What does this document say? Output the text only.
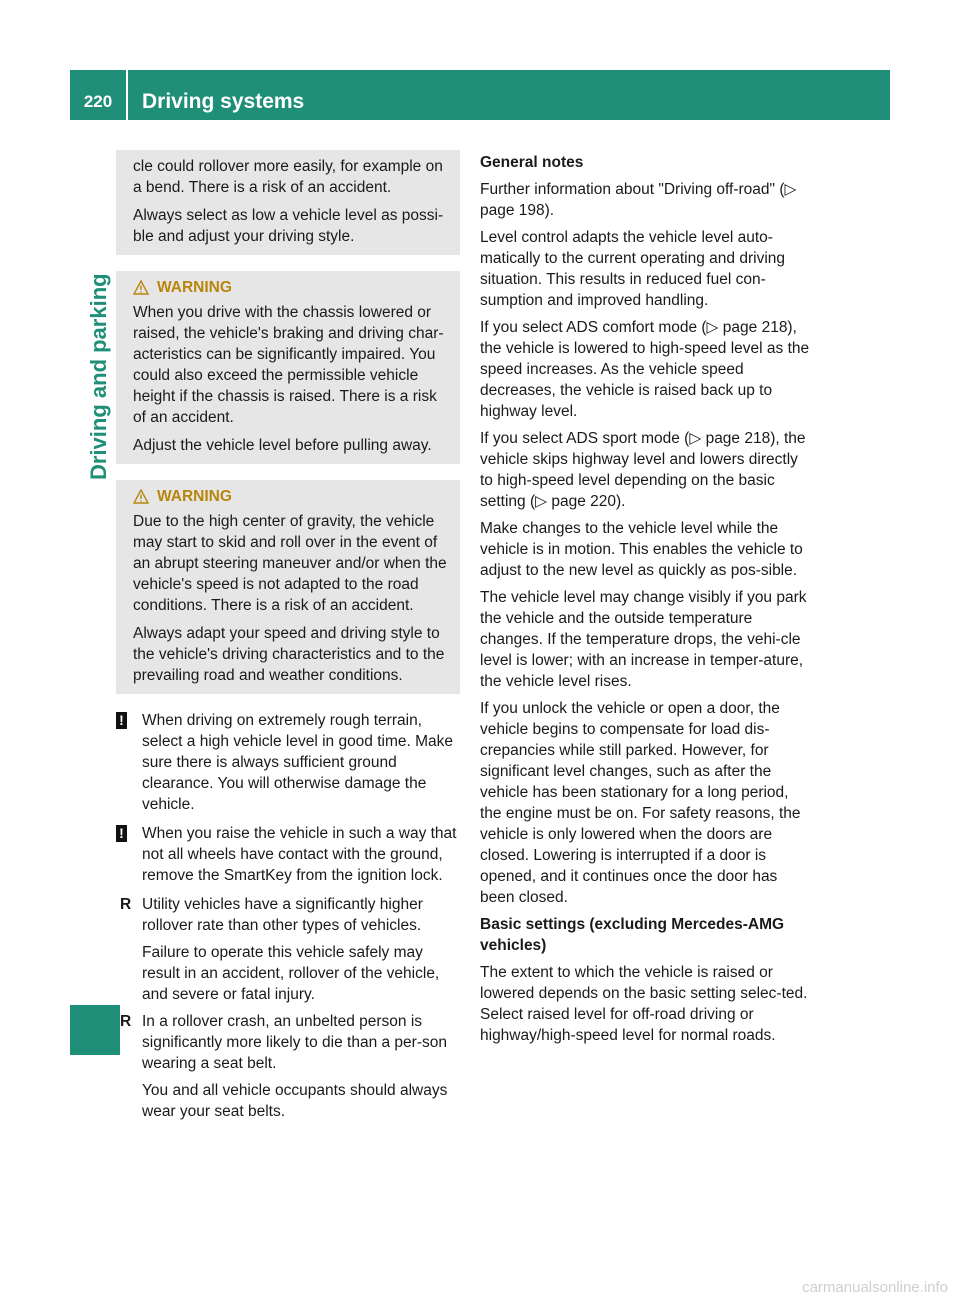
220	Driving systems
Driving and parking

cle could rollover more easily, for example on a bend. There is a risk of an accident.

Always select as low a vehicle level as possi-ble and adjust your driving style.

WARNING

When you drive with the chassis lowered or raised, the vehicle's braking and driving char-acteristics can be significantly impaired. You could also exceed the permissible vehicle height if the chassis is raised. There is a risk of an accident.

Adjust the vehicle level before pulling away.

WARNING

Due to the high center of gravity, the vehicle may start to skid and roll over in the event of an abrupt steering maneuver and/or when the vehicle's speed is not adapted to the road conditions. There is a risk of an accident.

Always adapt your speed and driving style to the vehicle's driving characteristics and to the prevailing road and weather conditions.

! When driving on extremely rough terrain, select a high vehicle level in good time. Make sure there is always sufficient ground clearance. You will otherwise damage the vehicle.

! When you raise the vehicle in such a way that not all wheels have contact with the ground, remove the SmartKey from the ignition lock.

R Utility vehicles have a significantly higher rollover rate than other types of vehicles.

Failure to operate this vehicle safely may result in an accident, rollover of the vehicle, and severe or fatal injury.

R In a rollover crash, an unbelted person is significantly more likely to die than a per-son wearing a seat belt.

You and all vehicle occupants should always wear your seat belts.

General notes

Further information about "Driving off-road" (▷ page 198).

Level control adapts the vehicle level auto-matically to the current operating and driving situation. This results in reduced fuel con-sumption and improved handling.

If you select ADS comfort mode (▷ page 218), the vehicle is lowered to high-speed level as the speed increases. As the vehicle speed decreases, the vehicle is raised back up to highway level.

If you select ADS sport mode (▷ page 218), the vehicle skips highway level and lowers directly to high-speed level depending on the basic setting (▷ page 220).

Make changes to the vehicle level while the vehicle is in motion. This enables the vehicle to adjust to the new level as quickly as pos-sible.

The vehicle level may change visibly if you park the vehicle and the outside temperature changes. If the temperature drops, the vehi-cle level is lower; with an increase in temper-ature, the vehicle level rises.

If you unlock the vehicle or open a door, the vehicle begins to compensate for load dis-crepancies while still parked. However, for significant level changes, such as after the vehicle has been stationary for a long period, the engine must be on. For safety reasons, the vehicle is only lowered when the doors are closed. Lowering is interrupted if a door is opened, and it continues once the door has been closed.

Basic settings (excluding Mercedes-AMG vehicles)

The extent to which the vehicle is raised or lowered depends on the basic setting selec-ted. Select raised level for off-road driving or highway/high-speed level for normal roads.

carmanualsonline.info
